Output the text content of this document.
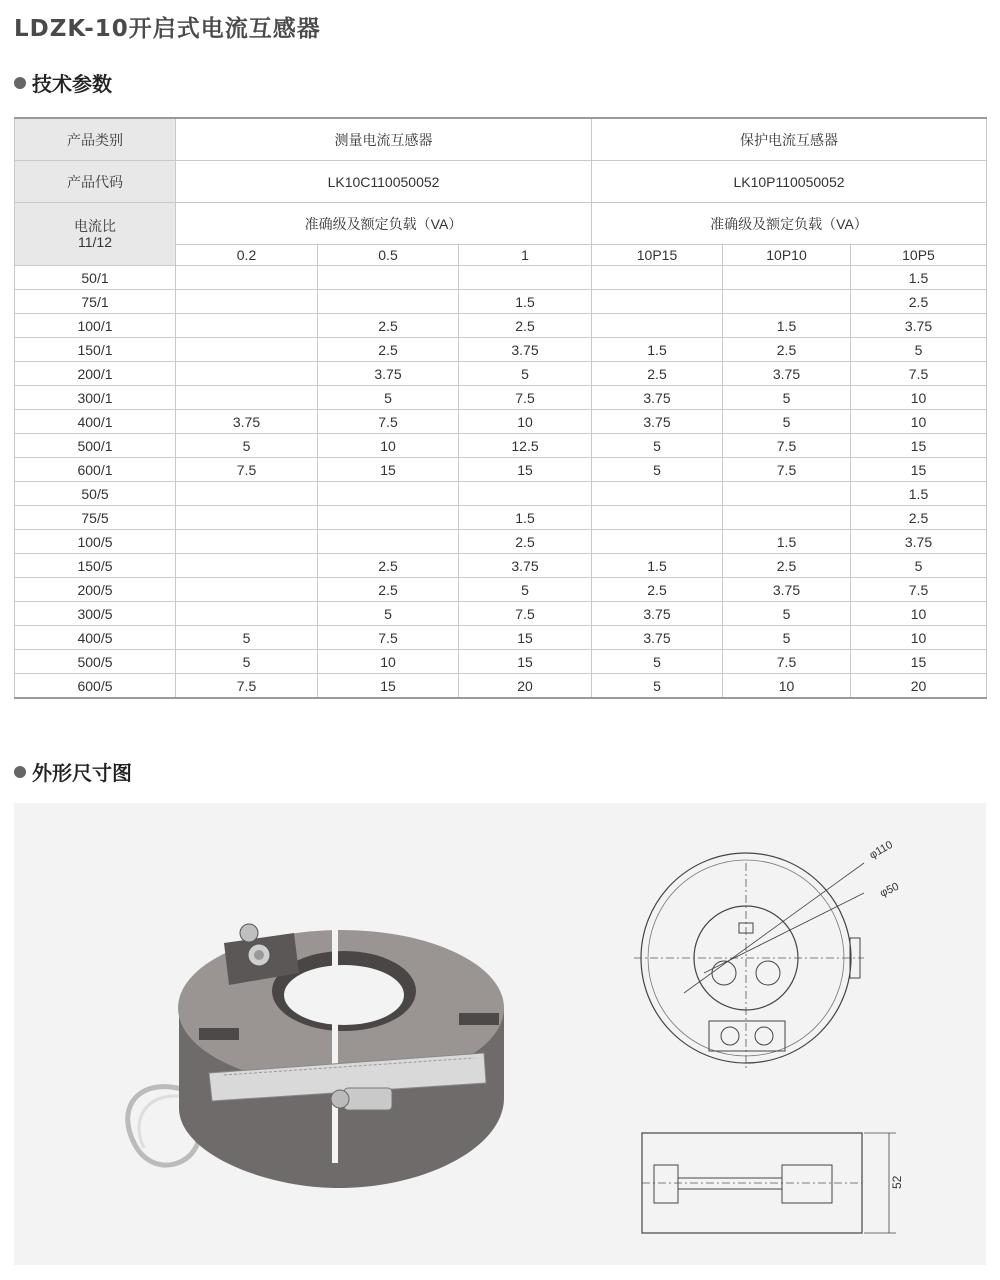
LDZK-10开启式电流互感器
技术参数
产品类别	测量电流互感器			保护电流互感器		
产品代码	LK10C110050052			LK10P110050052		

电流比
11/12	准确级及额定负载（VA）			准确级及额定负载（VA）		
	0.2	0.5	1	10P15	10P10	10P5
50/1						1.5
75/1			1.5			2.5
100/1		2.5	2.5		1.5	3.75
150/1		2.5	3.75	1.5	2.5	5
200/1		3.75	5	2.5	3.75	7.5
300/1		5	7.5	3.75	5	10
400/1	3.75	7.5	10	3.75	5	10
500/1	5	10	12.5	5	7.5	15
600/1	7.5	15	15	5	7.5	15
50/5						1.5
75/5			1.5			2.5
100/5			2.5		1.5	3.75
150/5		2.5	3.75	1.5	2.5	5
200/5		2.5	5	2.5	3.75	7.5
300/5		5	7.5	3.75	5	10
400/5	5	7.5	15	3.75	5	10
500/5	5	10	15	5	7.5	15
600/5	7.5	15	20	5	10	20
外形尺寸图
φ110
φ50
52
